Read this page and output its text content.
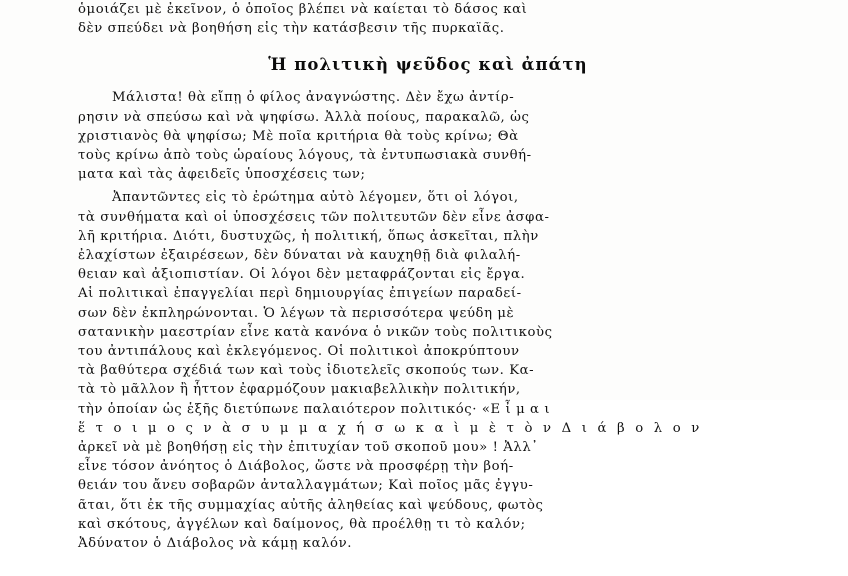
ὁμοιάζει μὲ ἐκεῖνον, ὁ ὁποῖος βλέπει νὰ καίεται τὸ δάσος καὶ
δὲν σπεύδει νὰ βοηθήση εἰς τὴν κατάσβεσιν τῆς πυρκαϊᾶς.
Ἡ πολιτικὴ ψεῦδος καὶ ἀπάτη
Μάλιστα! θὰ εἴπῃ ὁ φίλος ἀναγνώστης. Δὲν ἔχω ἀντίρ-
ρησιν νὰ σπεύσω καὶ νὰ ψηφίσω. Ἀλλὰ ποίους, παρακαλῶ, ὡς
χριστιανὸς θὰ ψηφίσω; Μὲ ποῖα κριτήρια θὰ τοὺς κρίνω; Θὰ
τοὺς κρίνω ἀπὸ τοὺς ὡραίους λόγους, τὰ ἐντυπωσιακὰ συνθή-
ματα καὶ τὰς ἀφειδεῖς ὑποσχέσεις των;
Ἀπαντῶντες εἰς τὸ ἐρώτημα αὐτὸ λέγομεν, ὅτι οἱ λόγοι,
τὰ συνθήματα καὶ οἱ ὑποσχέσεις τῶν πολιτευτῶν δὲν εἶνε ἀσφα-
λῆ κριτήρια. Διότι, δυστυχῶς, ἡ πολιτική, ὅπως ἀσκεῖται, πλὴν
ἐλαχίστων ἐξαιρέσεων, δὲν δύναται νὰ καυχηθῇ διὰ φιλαλή-
θειαν καὶ ἀξιοπιστίαν. Οἱ λόγοι δὲν μεταφράζονται εἰς ἔργα.
Αἱ πολιτικαὶ ἐπαγγελίαι περὶ δημιουργίας ἐπιγείων παραδεί-
σων δὲν ἐκπληρώνονται. Ὁ λέγων τὰ περισσότερα ψεύδη μὲ
σατανικὴν μαεστρίαν εἶνε κατὰ κανόνα ὁ νικῶν τοὺς πολιτικοὺς
του ἀντιπάλους καὶ ἐκλεγόμενος. Οἱ πολιτικοὶ ἀποκρύπτουν
τὰ βαθύτερα σχέδιά των καὶ τοὺς ἰδιοτελεῖς σκοπούς των. Κα-
τὰ τὸ μᾶλλον ἢ ἧττον ἐφαρμόζουν μακιαβελλικὴν πολιτικήν,
τὴν ὁποίαν ὡς ἑξῆς διετύπωνε παλαιότερον πολιτικός· «Ε ἶ μ α ι
ἕ τ ο ι μ ο ς ν ὰ σ υ μ μ α χ ή σ ω κ α ὶ μ ὲ τ ὸ ν Δ ι ά β ο λ ο ν
ἀρκεῖ νὰ μὲ βοηθήσῃ εἰς τὴν ἐπιτυχίαν τοῦ σκοποῦ μου» ! Ἀλλ᾽
εἶνε τόσον ἀνόητος ὁ Διάβολος, ὥστε νὰ προσφέρῃ τὴν βοή-
θειάν του ἄνευ σοβαρῶν ἀνταλλαγμάτων; Καὶ ποῖος μᾶς ἐγγυ-
ᾶται, ὅτι ἐκ τῆς συμμαχίας αὐτῆς ἀληθείας καὶ ψεύδους, φωτὸς
καὶ σκότους, ἀγγέλων καὶ δαίμονος, θὰ προέλθῃ τι τὸ καλόν;
Ἀδύνατον ὁ Διάβολος νὰ κάμῃ καλόν.
